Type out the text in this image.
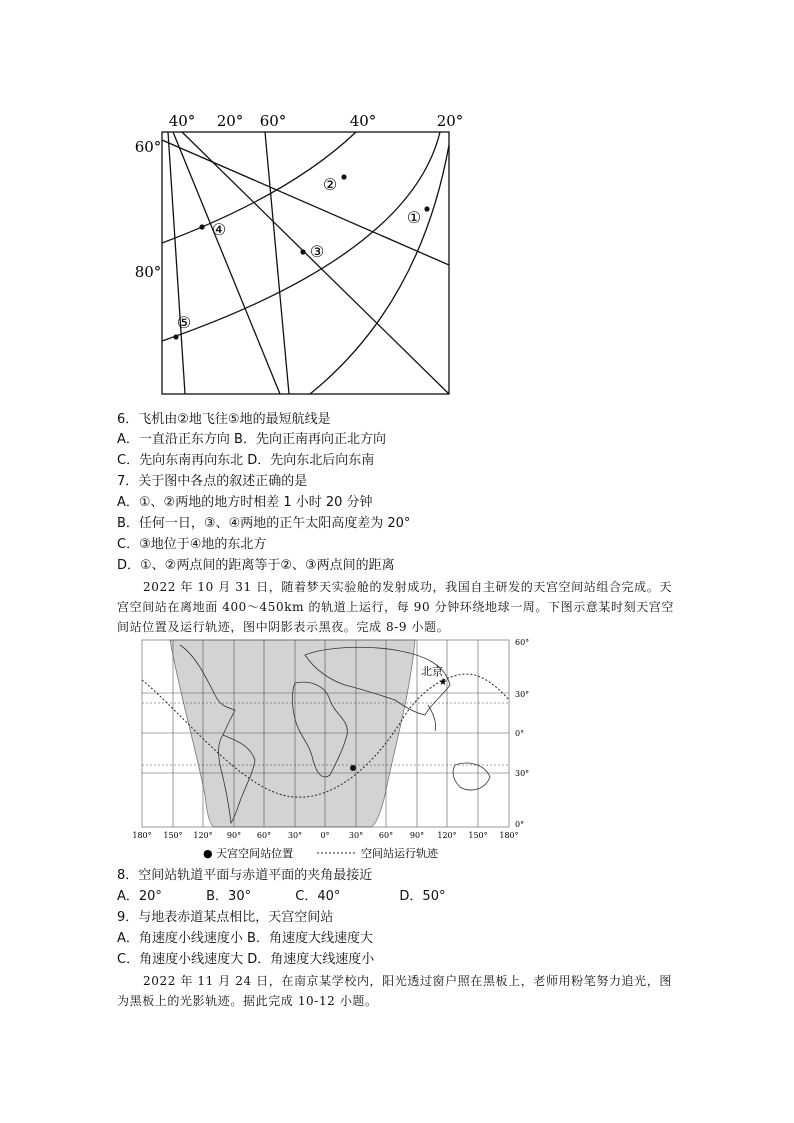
40° 20° 60°	40°	20°
60°
80°
①
②
③
④
⑤
6．飞机由②地飞往⑤地的最短航线是
A．一直沿正东方向 B．先向正南再向正北方向
C．先向东南再向东北 D．先向东北后向东南
7．关于图中各点的叙述正确的是
A．①、②两地的地方时相差 1 小时 20 分钟
B．任何一日，③、④两地的正午太阳高度差为 20°
C．③地位于④地的东北方
D．①、②两点间的距离等于②、③两点间的距离
2022 年 10 月 31 日，随着梦天实验舱的发射成功，我国自主研发的天宫空间站组合完成。天宫空间站在离地面 400～450km 的轨道上运行，每 90 分钟环绕地球一周。下图示意某时刻天宫空间站位置及运行轨迹，图中阴影表示黑夜。完成 8-9 小题。
北京
★
60°
30°
0°
30°
0°
180° 150° 120° 90° 60° 30° 0° 30° 60° 90° 120° 150° 180°
● 天宫空间站位置	空间站运行轨迹
8．空间站轨道平面与赤道平面的夹角最接近
A．20°	B．30°	C．40°	D．50°
9．与地表赤道某点相比，天宫空间站
A．角速度小线速度小 B．角速度大线速度大
C．角速度小线速度大 D．角速度大线速度小
2022 年 11 月 24 日，在南京某学校内，阳光透过窗户照在黑板上，老师用粉笔努力追光，图为黑板上的光影轨迹。据此完成 10-12 小题。
